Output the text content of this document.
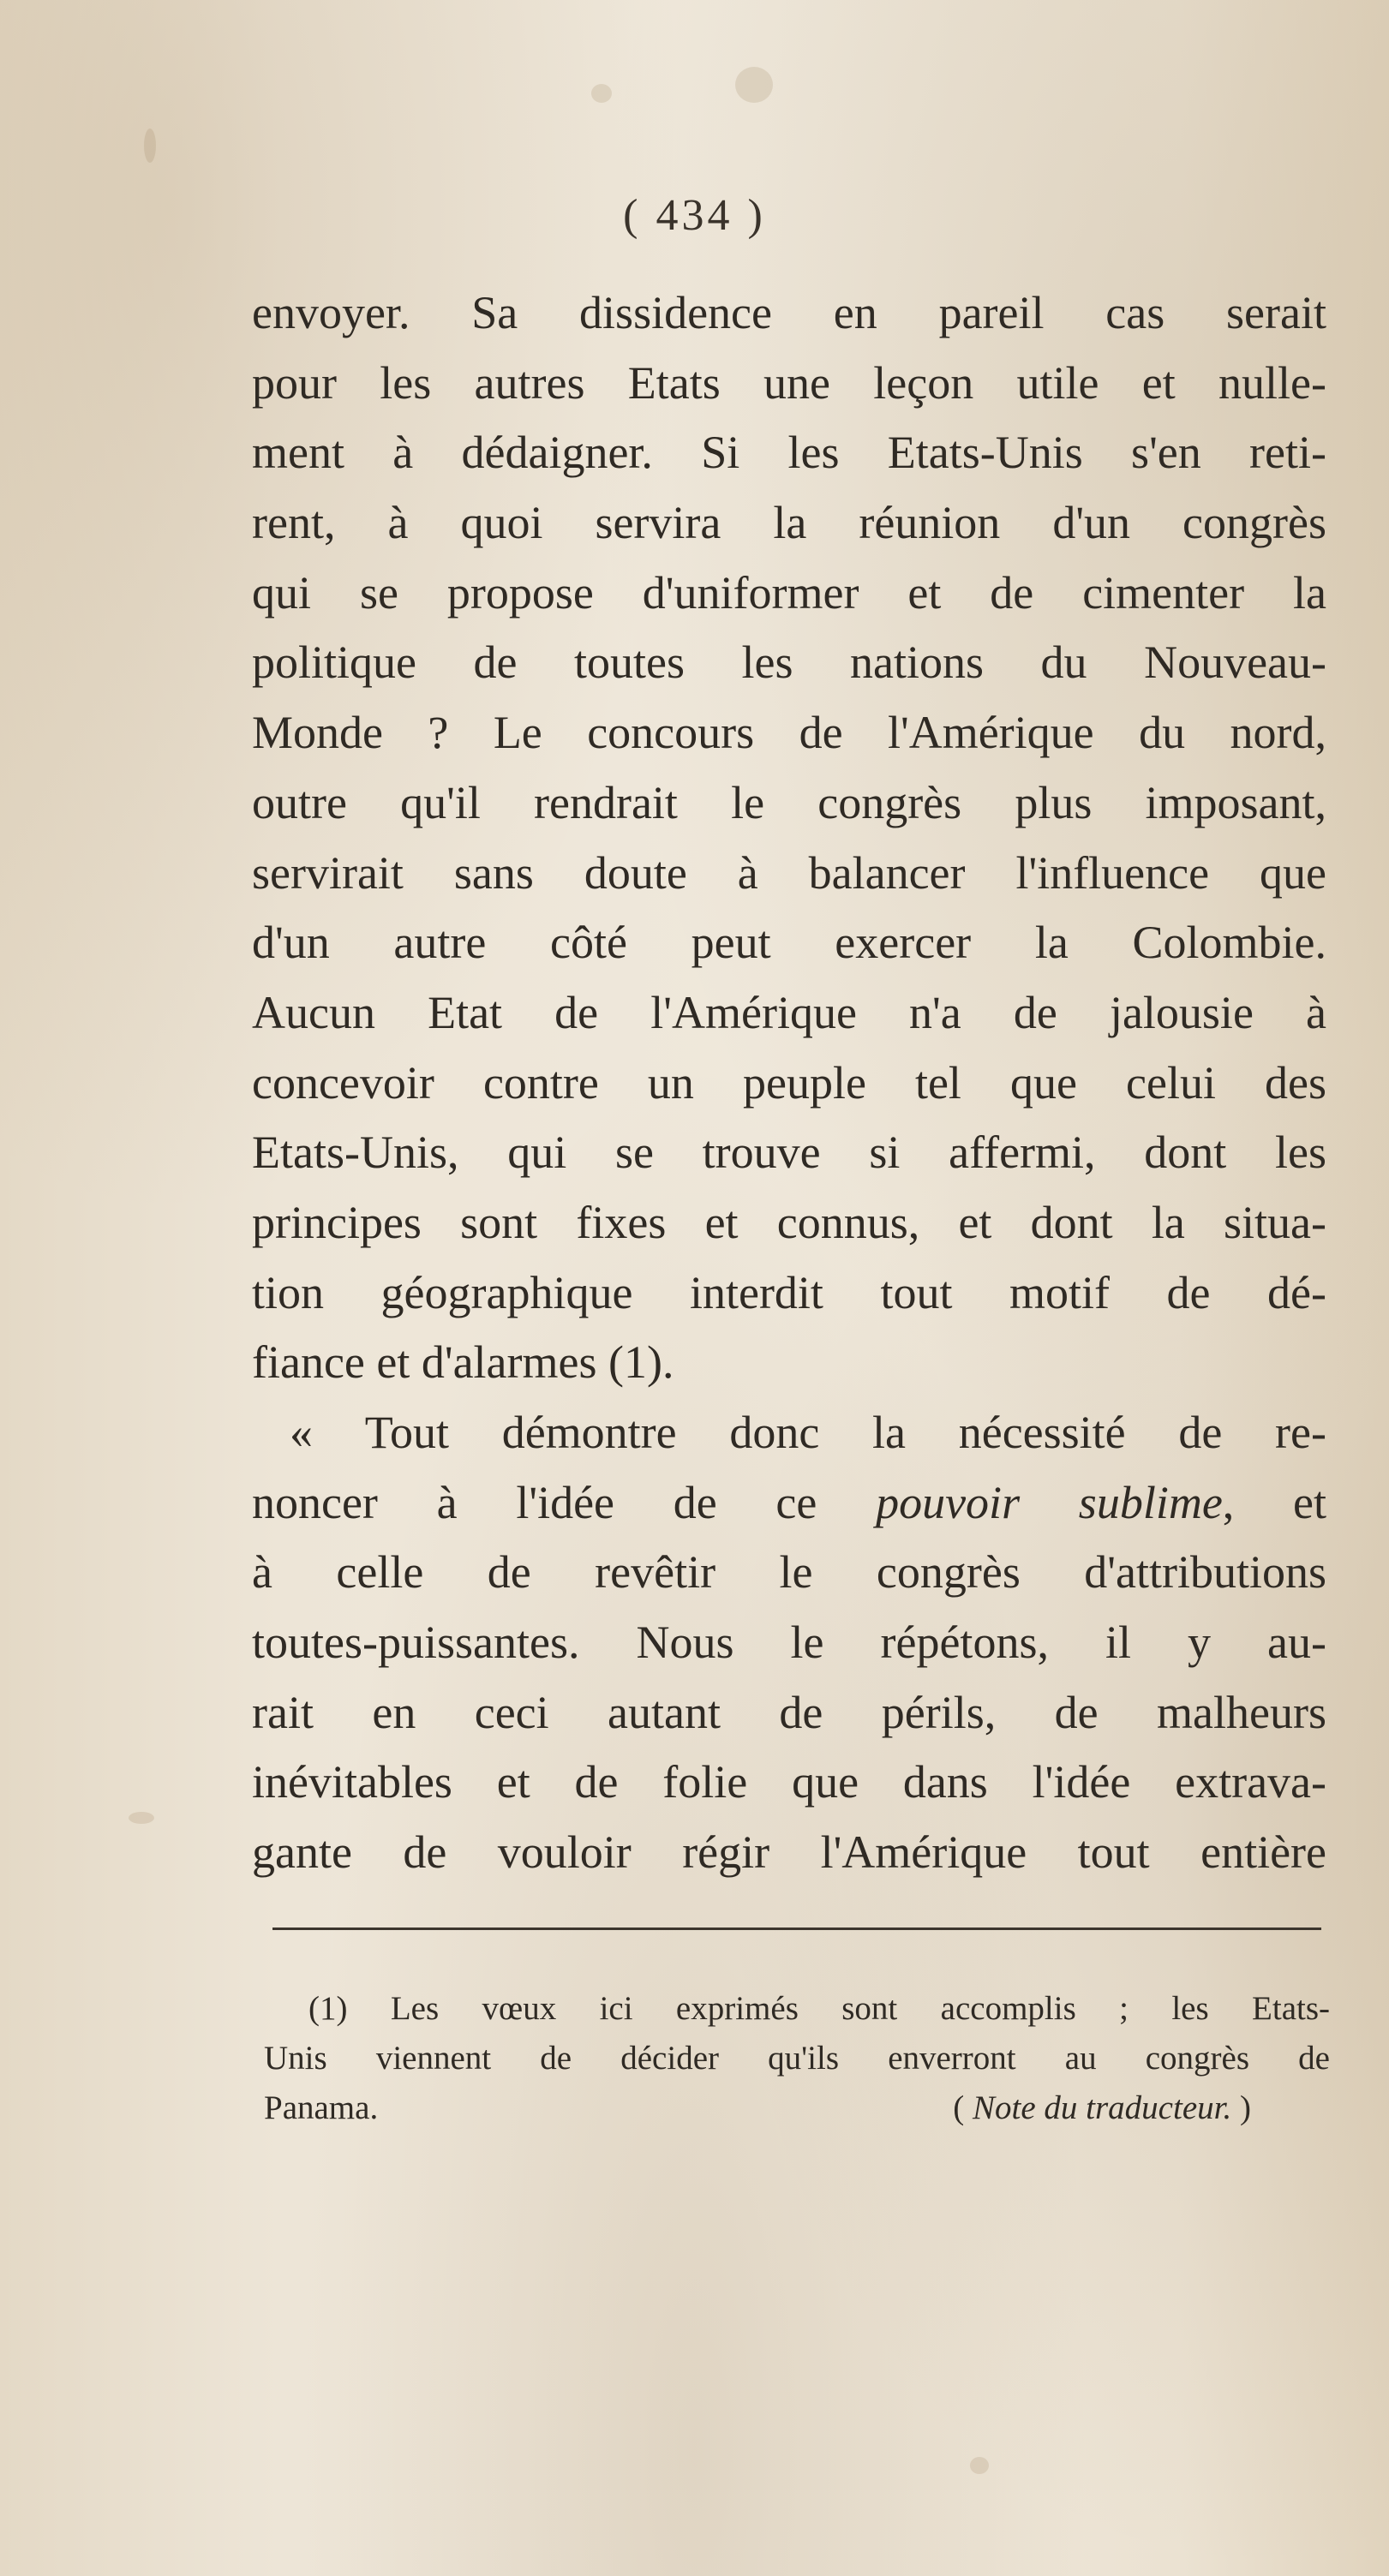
( 434 )
envoyer. Sa dissidence en pareil cas serait
pour les autres Etats une leçon utile et nulle-
ment à dédaigner. Si les Etats-Unis s'en reti-
rent, à quoi servira la réunion d'un congrès
qui se propose d'uniformer et de cimenter la
politique de toutes les nations du Nouveau-
Monde ? Le concours de l'Amérique du nord,
outre qu'il rendrait le congrès plus imposant,
servirait sans doute à balancer l'influence que
d'un autre côté peut exercer la Colombie.
Aucun Etat de l'Amérique n'a de jalousie à
concevoir contre un peuple tel que celui des
Etats-Unis, qui se trouve si affermi, dont les
principes sont fixes et connus, et dont la situa-
tion géographique interdit tout motif de dé-
fiance et d'alarmes (1).
« Tout démontre donc la nécessité de re-
noncer à l'idée de ce pouvoir sublime, et
à celle de revêtir le congrès d'attributions
toutes-puissantes. Nous le répétons, il y au-
rait en ceci autant de périls, de malheurs
inévitables et de folie que dans l'idée extrava-
gante de vouloir régir l'Amérique tout entière
(1) Les vœux ici exprimés sont accomplis ; les Etats-
Unis viennent de décider qu'ils enverront au congrès de
Panama.	( Note du traducteur. )
